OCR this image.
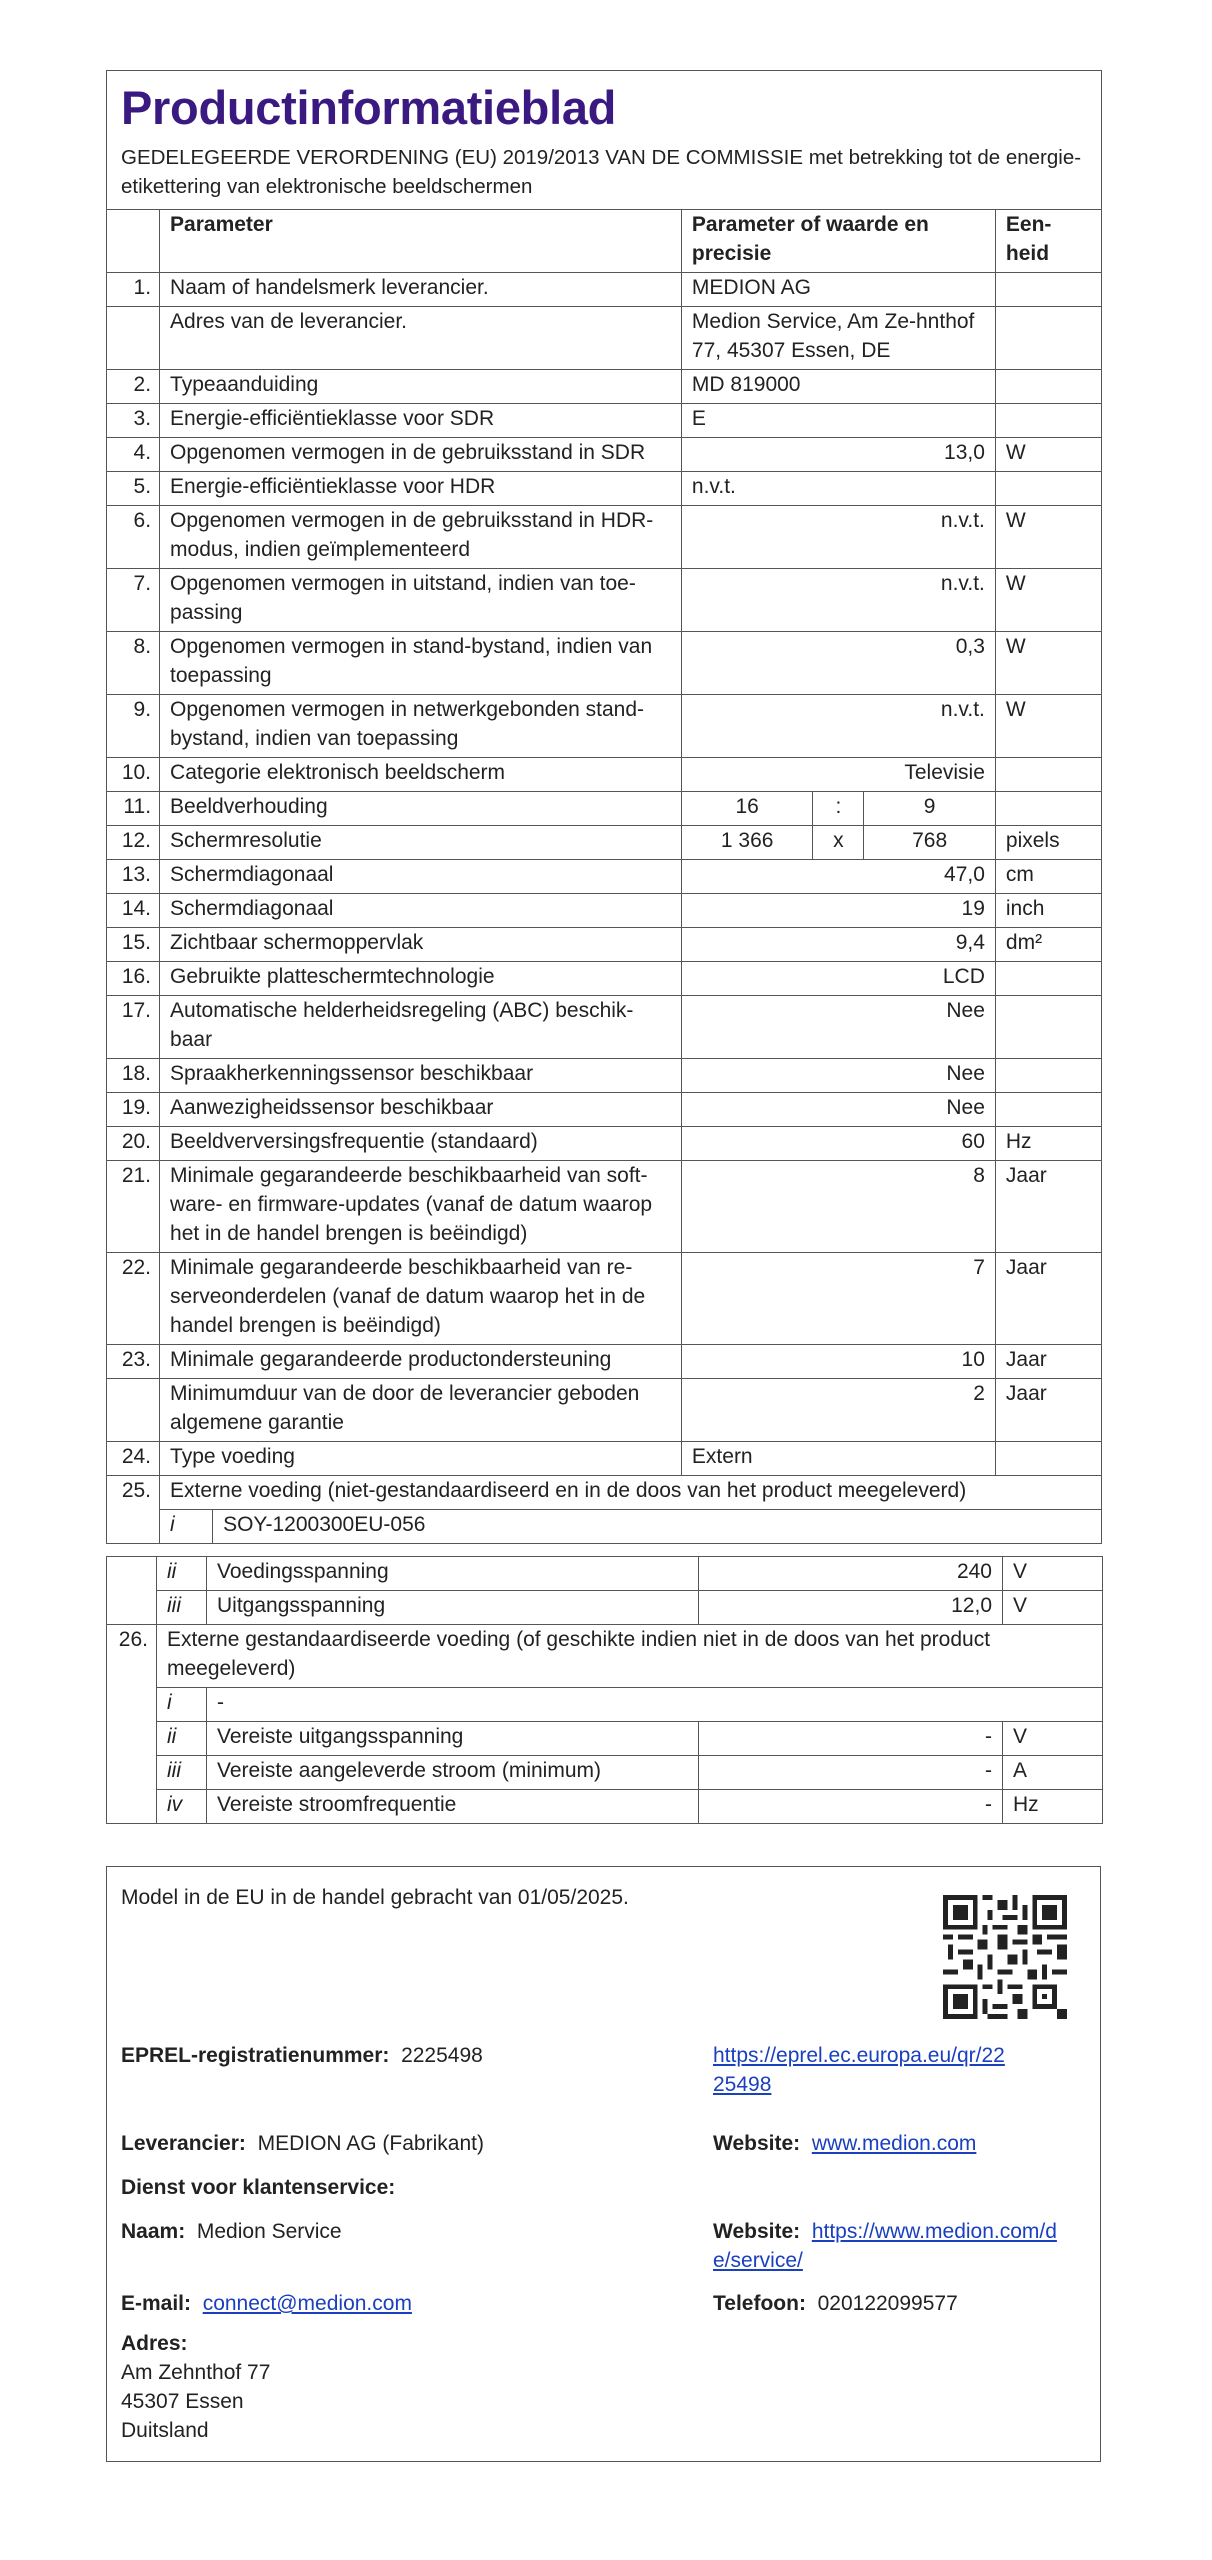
Productinformatieblad
GEDELEGEERDE VERORDENING (EU) 2019/2013 VAN DE COMMISSIE met betrekking tot de energie-etikettering van elektronische beeldschermen
	Parameter		Parameter of waarde en precisie			Een-heid
1.	Naam of handelsmerk leverancier.		MEDION AG			
	Adres van de leverancier.		Medion Service, Am Ze-hnthof 77, 45307 Essen, DE			
2.	Typeaanduiding		MD 819000			
3.	Energie-efficiëntieklasse voor SDR		E			
4.	Opgenomen vermogen in de gebruiksstand in SDR		13,0			W
5.	Energie-efficiëntieklasse voor HDR		n.v.t.			
6.	Opgenomen vermogen in de gebruiksstand in HDR-modus, indien geïmplementeerd		n.v.t.			W
7.	Opgenomen vermogen in uitstand, indien van toe-passing		n.v.t.			W
8.	Opgenomen vermogen in stand-bystand, indien van toepassing		0,3			W
9.	Opgenomen vermogen in netwerkgebonden stand-bystand, indien van toepassing		n.v.t.			W
10.	Categorie elektronisch beeldscherm		Televisie			
11.	Beeldverhouding		16	:	9	
12.	Schermresolutie		1 366	x	768	pixels
13.	Schermdiagonaal		47,0			cm
14.	Schermdiagonaal		19			inch
15.	Zichtbaar schermoppervlak		9,4			dm²
16.	Gebruikte platteschermtechnologie		LCD			
17.	Automatische helderheidsregeling (ABC) beschik-baar		Nee			
18.	Spraakherkenningssensor beschikbaar		Nee			
19.	Aanwezigheidssensor beschikbaar		Nee			
20.	Beeldverversingsfrequentie (standaard)		60			Hz
21.	Minimale gegarandeerde beschikbaarheid van soft-ware- en firmware-updates (vanaf de datum waarop het in de handel brengen is beëindigd)		8			Jaar
22.	Minimale gegarandeerde beschikbaarheid van re-serveonderdelen (vanaf de datum waarop het in de handel brengen is beëindigd)		7			Jaar
23.	Minimale gegarandeerde productondersteuning		10			Jaar
	Minimumduur van de door de leverancier geboden algemene garantie		2			Jaar
24.	Type voeding		Extern			
25.	Externe voeding (niet-gestandaardiseerd en in de doos van het product meegeleverd)					
	i	SOY-1200300EU-056				
	ii	Voedingsspanning	240	V
	iii	Uitgangsspanning	12,0	V
26.	Externe gestandaardiseerde voeding (of geschikte indien niet in de doos van het product meegeleverd)			
	i	-		
	ii	Vereiste uitgangsspanning	-	V
	iii	Vereiste aangeleverde stroom (minimum)	-	A
	iv	Vereiste stroomfrequentie	-	Hz
Model in de EU in de handel gebracht van 01/05/2025.
EPREL-registratienummer: 2225498	https://eprel.ec.europa.eu/qr/22
25498
Leverancier: MEDION AG (Fabrikant)	Website: www.medion.com
Dienst voor klantenservice:
Naam: Medion Service	Website: https://www.medion.com/d
e/service/
E-mail: connect@medion.com	Telefoon: 020122099577
Adres:
Am Zehnthof 77
45307 Essen
Duitsland
